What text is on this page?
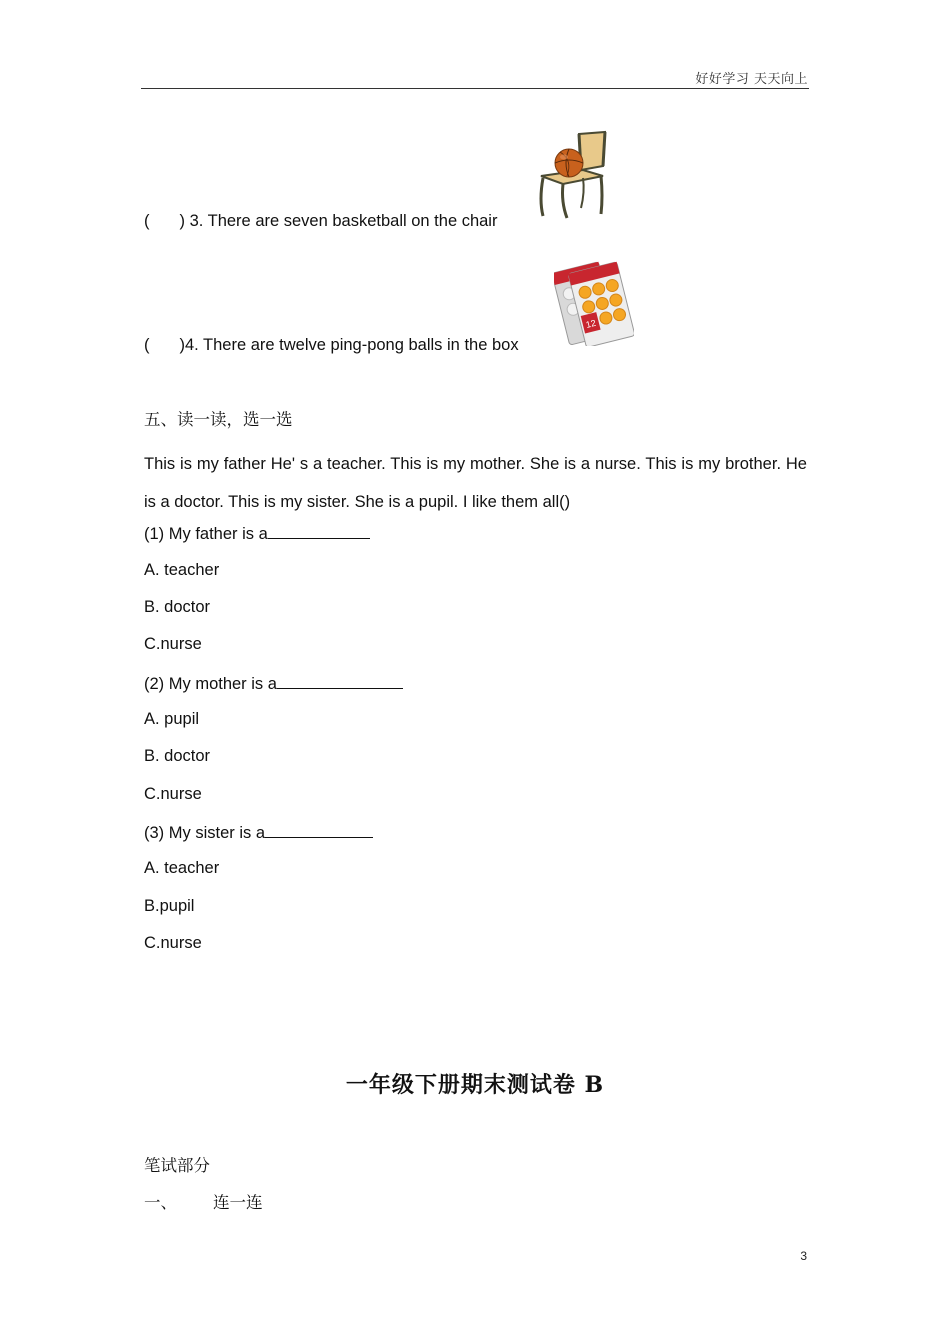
好好学习 天天向上
( ) 3. There are seven basketball on the chair
12
( )4. There are twelve ping-pong balls in the box
五、读一读，选一选
This is my father He' s a teacher. This is my mother. She is a nurse. This is my brother. He is a doctor. This is my sister. She is a pupil. I like them all()
(1) My father is a
A. teacher
B. doctor
C.nurse
(2) My mother is a
A. pupil
B. doctor
C.nurse
(3) My sister is a
A. teacher
B.pupil
C.nurse
一年级下册期末测试卷 B
笔试部分
一、 连一连
3
